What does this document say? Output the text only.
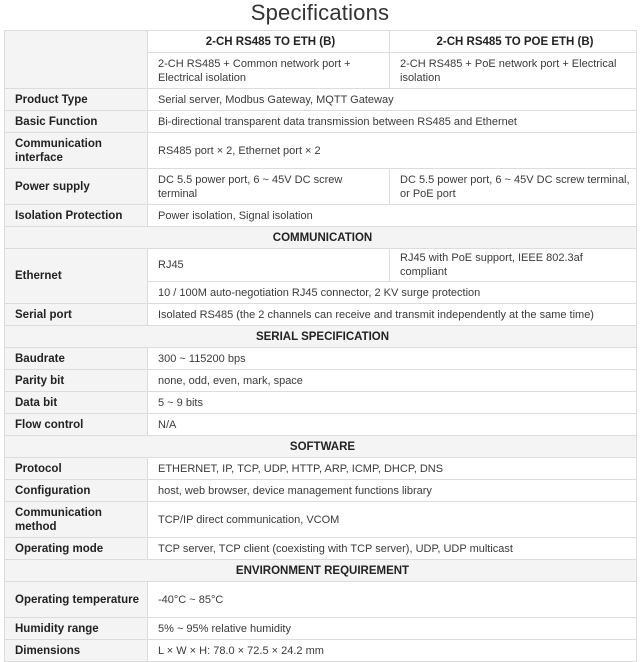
Specifications
	2-CH RS485 TO ETH (B)	2-CH RS485 TO POE ETH (B)
	2-CH RS485 + Common network port + Electrical isolation	2-CH RS485 + PoE network port + Electrical isolation
Product Type	Serial server, Modbus Gateway, MQTT Gateway	
Basic Function	Bi-directional transparent data transmission between RS485 and Ethernet	
Communication interface	RS485 port × 2, Ethernet port × 2	
Power supply	DC 5.5 power port, 6 ~ 45V DC screw terminal	DC 5.5 power port, 6 ~ 45V DC screw terminal, or PoE port
Isolation Protection	Power isolation, Signal isolation	
COMMUNICATION		
Ethernet	RJ45	RJ45 with PoE support, IEEE 802.3af compliant
	10 / 100M auto-negotiation RJ45 connector, 2 KV surge protection	
Serial port	Isolated RS485 (the 2 channels can receive and transmit independently at the same time)	
SERIAL SPECIFICATION		
Baudrate	300 ~ 115200 bps	
Parity bit	none, odd, even, mark, space	
Data bit	5 ~ 9 bits	
Flow control	N/A	
SOFTWARE		
Protocol	ETHERNET, IP, TCP, UDP, HTTP, ARP, ICMP, DHCP, DNS	
Configuration	host, web browser, device management functions library	
Communication method	TCP/IP direct communication, VCOM	
Operating mode	TCP server, TCP client (coexisting with TCP server), UDP, UDP multicast	
ENVIRONMENT REQUIREMENT		
Operating temperature	-40°C ~ 85°C	
Humidity range	5% ~ 95% relative humidity	
Dimensions	L × W × H: 78.0 × 72.5 × 24.2 mm	
